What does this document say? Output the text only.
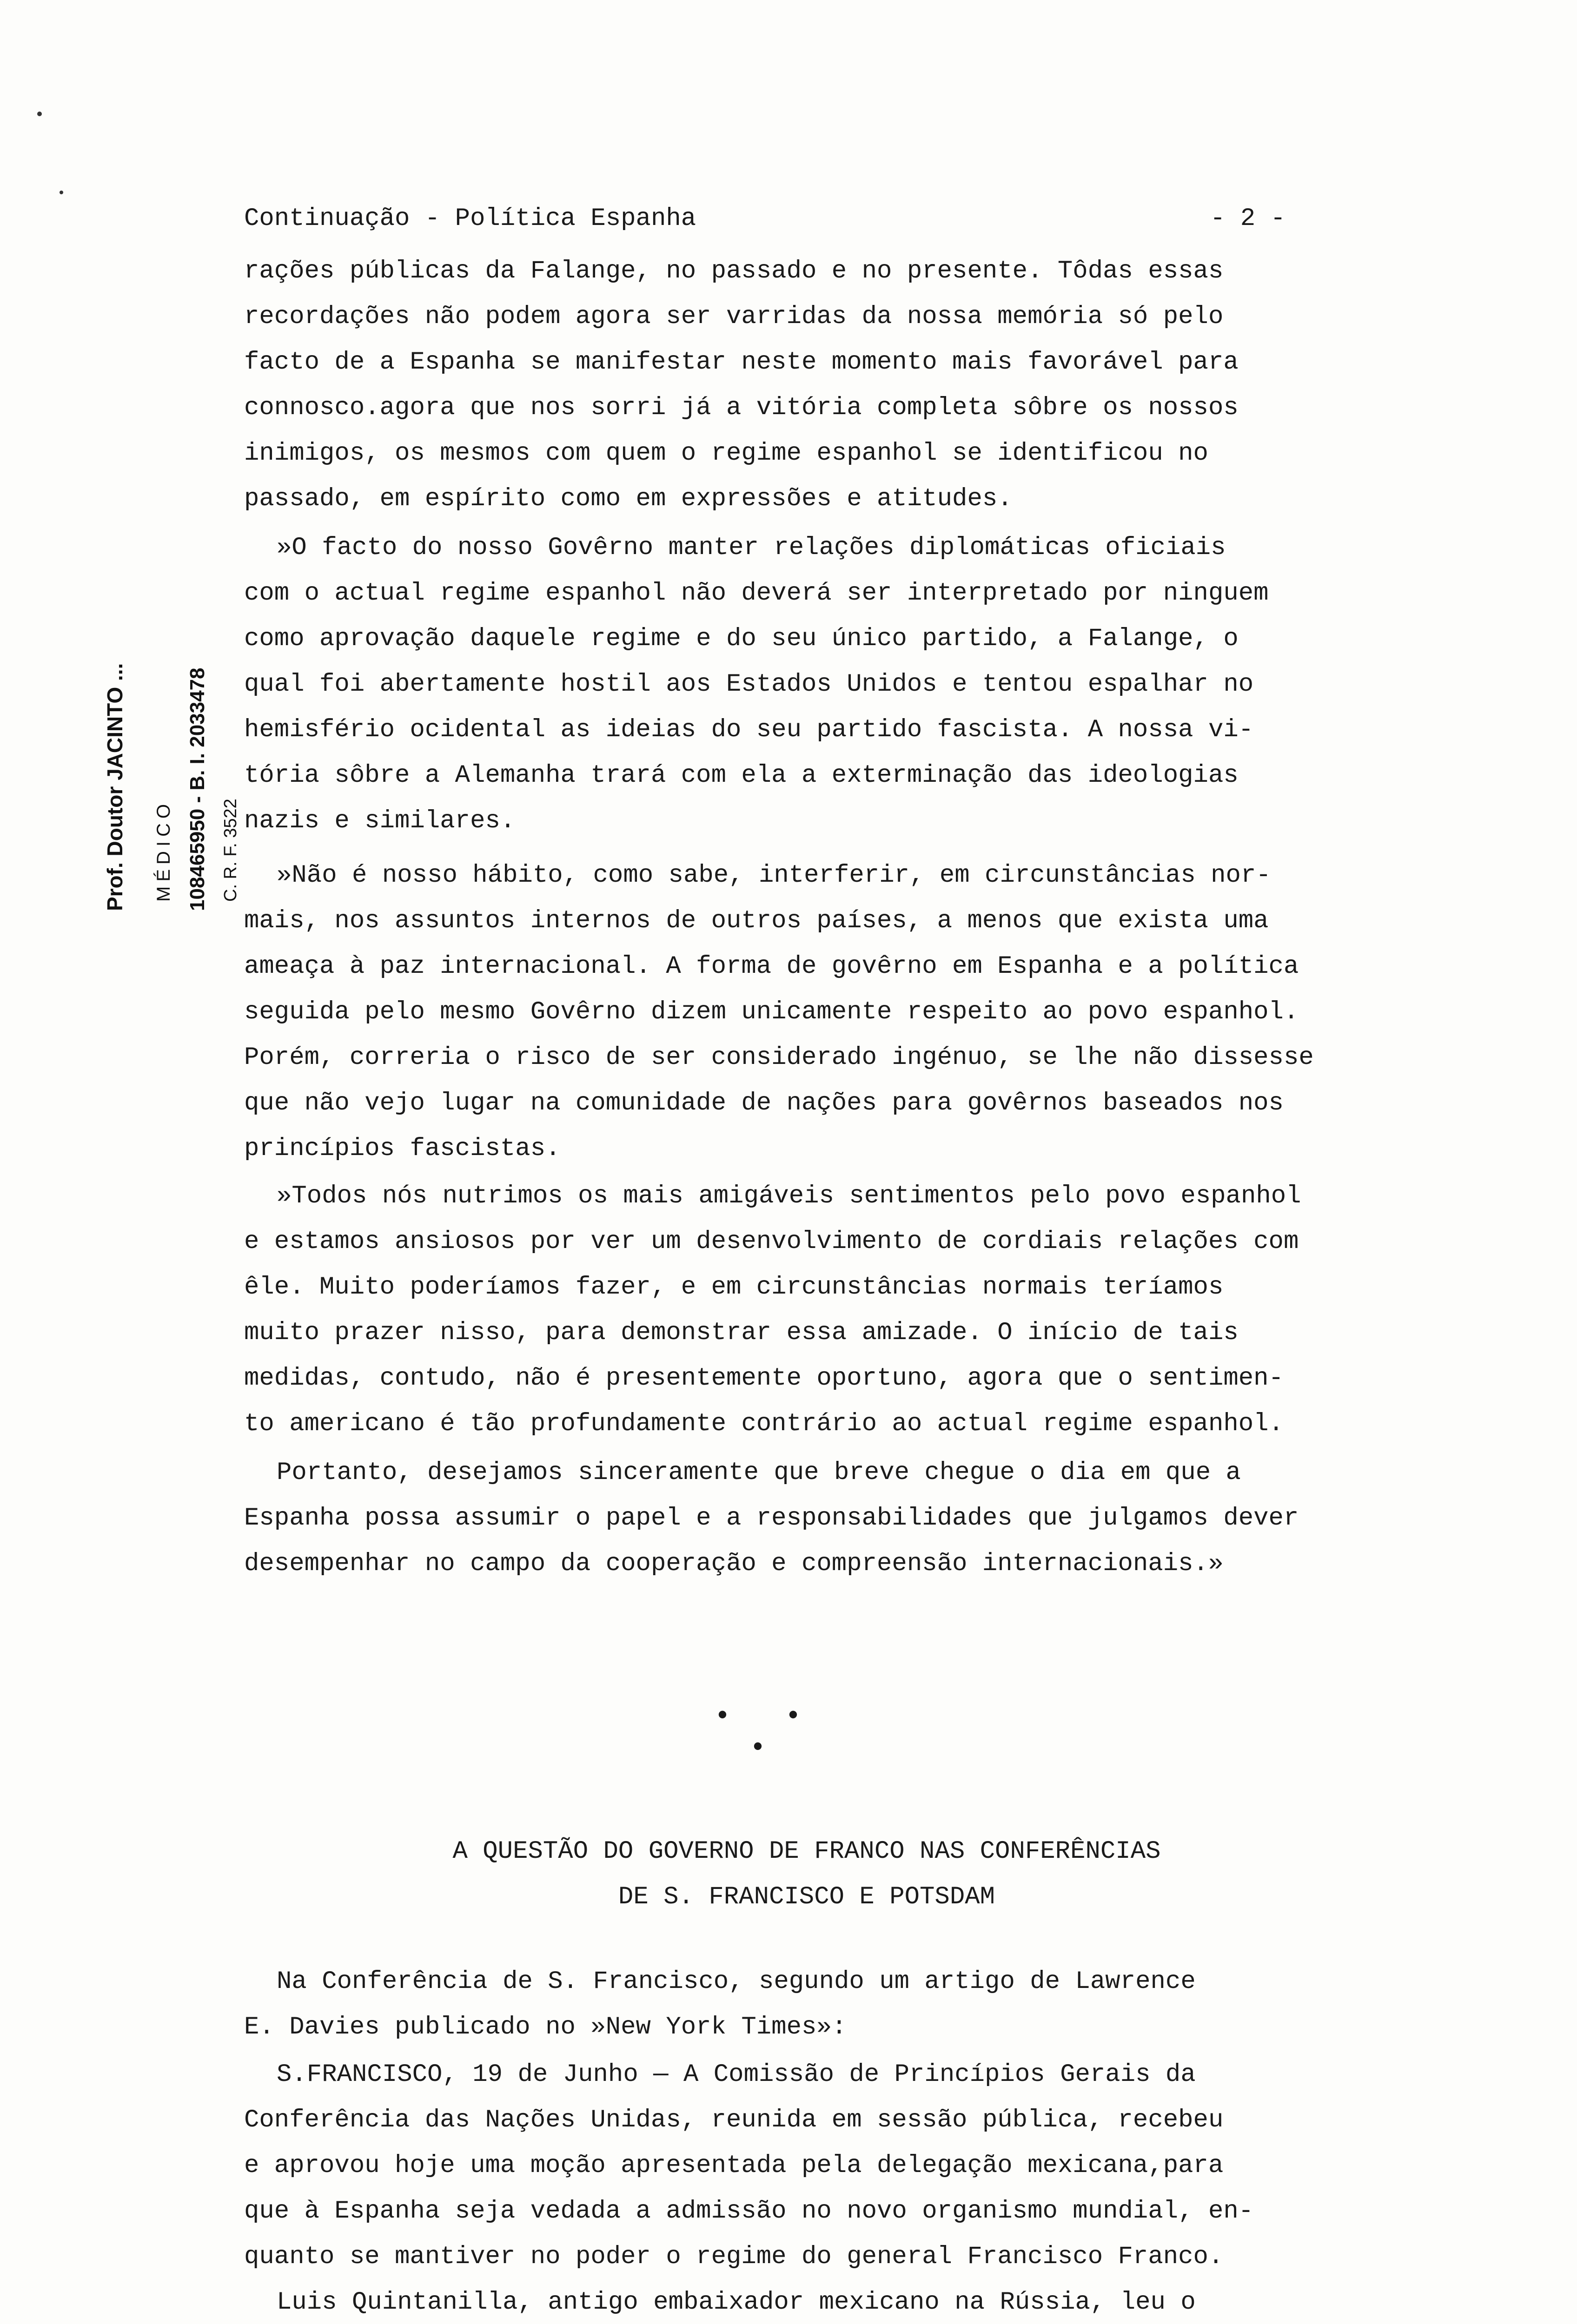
Prof. Doutor JACINTO ... MÉDICO 108465950 - B. I. 2033478 C. R. F. 3522
Continuação - Política Espanha	- 2 -
rações públicas da Falange, no passado e no presente. Tôdas essas
recordações não podem agora ser varridas da nossa memória só pelo
facto de a Espanha se manifestar neste momento mais favorável para
connosco.agora que nos sorri já a vitória completa sôbre os nossos
inimigos, os mesmos com quem o regime espanhol se identificou no
passado, em espírito como em expressões e atitudes.
»O facto do nosso Govêrno manter relações diplomáticas oficiais
com o actual regime espanhol não deverá ser interpretado por ninguem
como aprovação daquele regime e do seu único partido, a Falange, o
qual foi abertamente hostil aos Estados Unidos e tentou espalhar no
hemisfério ocidental as ideias do seu partido fascista. A nossa vi-
tória sôbre a Alemanha trará com ela a exterminação das ideologias
nazis e similares.
»Não é nosso hábito, como sabe, interferir, em circunstâncias nor-
mais, nos assuntos internos de outros países, a menos que exista uma
ameaça à paz internacional. A forma de govêrno em Espanha e a política
seguida pelo mesmo Govêrno dizem unicamente respeito ao povo espanhol.
Porém, correria o risco de ser considerado ingénuo, se lhe não dissesse
que não vejo lugar na comunidade de nações para govêrnos baseados nos
princípios fascistas.
»Todos nós nutrimos os mais amigáveis sentimentos pelo povo espanhol
e estamos ansiosos por ver um desenvolvimento de cordiais relações com
êle. Muito poderíamos fazer, e em circunstâncias normais teríamos
muito prazer nisso, para demonstrar essa amizade. O início de tais
medidas, contudo, não é presentemente oportuno, agora que o sentimen-
to americano é tão profundamente contrário ao actual regime espanhol.
Portanto, desejamos sinceramente que breve chegue o dia em que a
Espanha possa assumir o papel e a responsabilidades que julgamos dever
desempenhar no campo da cooperação e compreensão internacionais.»
• • •
A QUESTÃO DO GOVERNO DE FRANCO NAS CONFERÊNCIAS
DE S. FRANCISCO E POTSDAM
Na Conferência de S. Francisco, segundo um artigo de Lawrence
E. Davies publicado no »New York Times»:
S.FRANCISCO, 19 de Junho — A Comissão de Princípios Gerais da
Conferência das Nações Unidas, reunida em sessão pública, recebeu
e aprovou hoje uma moção apresentada pela delegação mexicana,para
que à Espanha seja vedada a admissão no novo organismo mundial, en-
quanto se mantiver no poder o regime do general Francisco Franco.
Luis Quintanilla, antigo embaixador mexicano na Rússia, leu o
